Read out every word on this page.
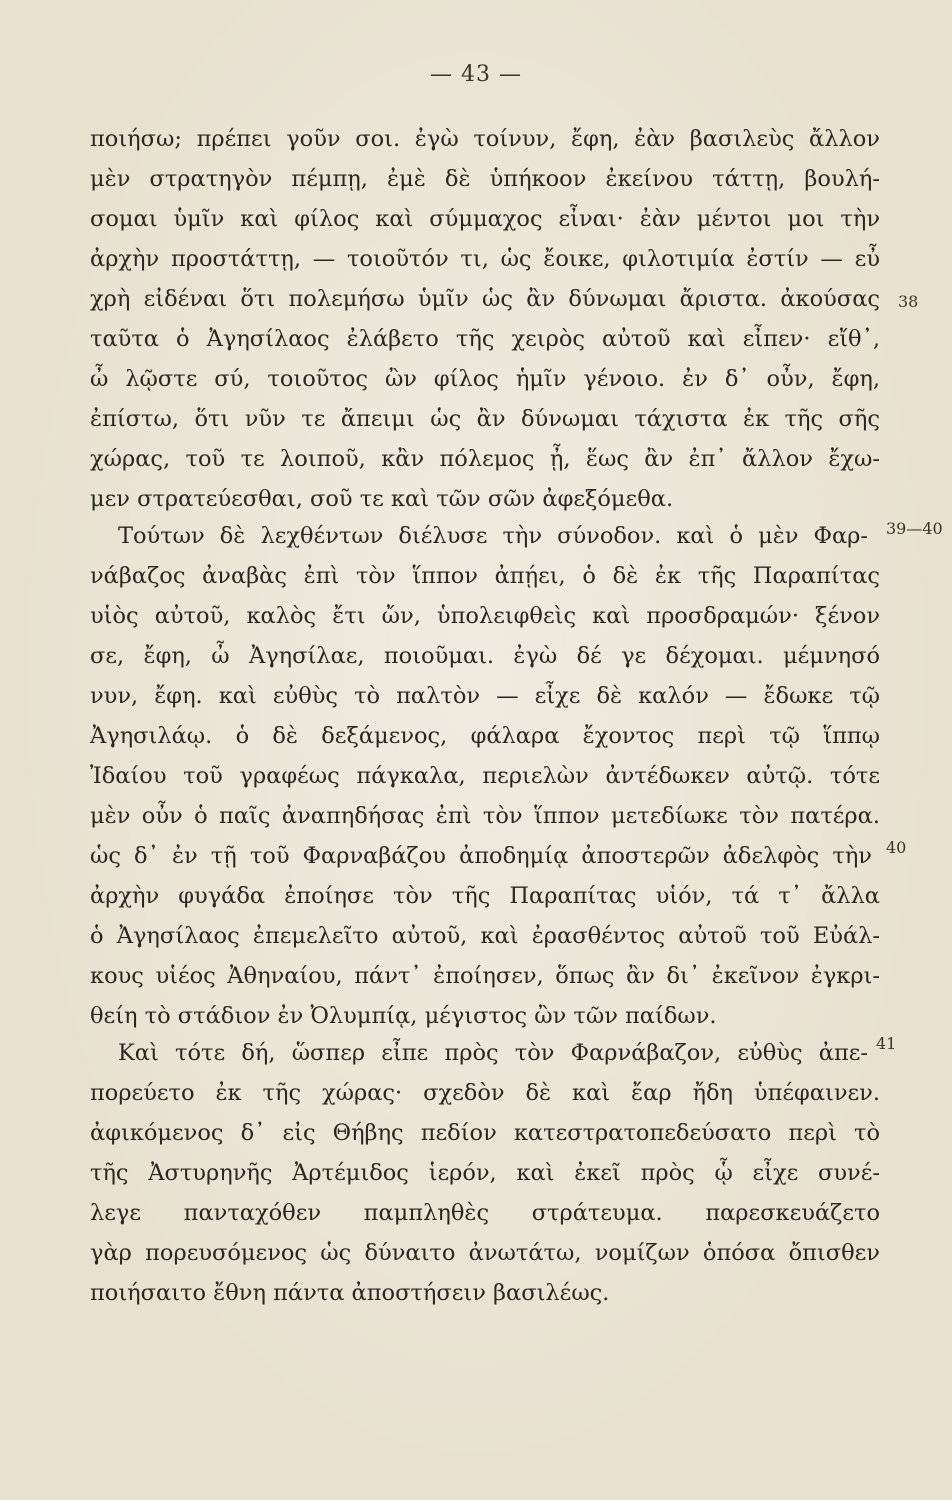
— 43 —
ποιήσω; πρέπει γοῦν σοι. ἐγὼ τοίνυν, ἔφη, ἐὰν βασιλεὺς ἄλλον
μὲν στρατηγὸν πέμπῃ, ἐμὲ δὲ ὑπήκοον ἐκείνου τάττῃ, βουλή-
σομαι ὑμῖν καὶ φίλος καὶ σύμμαχος εἶναι· ἐὰν μέντοι μοι τὴν
ἀρχὴν προστάττῃ, — τοιοῦτόν τι, ὡς ἔοικε, φιλοτιμία ἐστίν — εὖ
χρὴ εἰδέναι ὅτι πολεμήσω ὑμῖν ὡς ἂν δύνωμαι ἄριστα. ἀκούσας 38
ταῦτα ὁ Ἀγησίλαος ἐλάβετο τῆς χειρὸς αὐτοῦ καὶ εἶπεν· εἴθ᾿,
ὦ λῷστε σύ, τοιοῦτος ὢν φίλος ἡμῖν γένοιο. ἐν δ᾿ οὖν, ἔφη,
ἐπίστω, ὅτι νῦν τε ἄπειμι ὡς ἂν δύνωμαι τάχιστα ἐκ τῆς σῆς
χώρας, τοῦ τε λοιποῦ, κἂν πόλεμος ᾖ, ἕως ἂν ἐπ᾿ ἄλλον ἔχω-
μεν στρατεύεσθαι, σοῦ τε καὶ τῶν σῶν ἀφεξόμεθα.
Τούτων δὲ λεχθέντων διέλυσε τὴν σύνοδον. καὶ ὁ μὲν Φαρ- 39—40
νάβαζος ἀναβὰς ἐπὶ τὸν ἵππον ἀπῄει, ὁ δὲ ἐκ τῆς Παραπίτας
υἱὸς αὐτοῦ, καλὸς ἔτι ὤν, ὑπολειφθεὶς καὶ προσδραμών· ξένον
σε, ἔφη, ὦ Ἀγησίλαε, ποιοῦμαι. ἐγὼ δέ γε δέχομαι. μέμνησό
νυν, ἔφη. καὶ εὐθὺς τὸ παλτὸν — εἶχε δὲ καλόν — ἔδωκε τῷ
Ἀγησιλάῳ. ὁ δὲ δεξάμενος, φάλαρα ἔχοντος περὶ τῷ ἵππῳ
Ἰδαίου τοῦ γραφέως πάγκαλα, περιελὼν ἀντέδωκεν αὐτῷ. τότε
μὲν οὖν ὁ παῖς ἀναπηδήσας ἐπὶ τὸν ἵππον μετεδίωκε τὸν πατέρα.
ὡς δ᾿ ἐν τῇ τοῦ Φαρναβάζου ἀποδημίᾳ ἀποστερῶν ἀδελφὸς τὴν 40
ἀρχὴν φυγάδα ἐποίησε τὸν τῆς Παραπίτας υἱόν, τά τ᾿ ἄλλα
ὁ Ἀγησίλαος ἐπεμελεῖτο αὐτοῦ, καὶ ἐρασθέντος αὐτοῦ τοῦ Εὐάλ-
κους υἱέος Ἀθηναίου, πάντ᾿ ἐποίησεν, ὅπως ἂν δι᾿ ἐκεῖνον ἐγκρι-
θείη τὸ στάδιον ἐν Ὀλυμπίᾳ, μέγιστος ὢν τῶν παίδων.
Καὶ τότε δή, ὥσπερ εἶπε πρὸς τὸν Φαρνάβαζον, εὐθὺς ἀπε- 41
πορεύετο ἐκ τῆς χώρας· σχεδὸν δὲ καὶ ἔαρ ἤδη ὑπέφαινεν.
ἀφικόμενος δ᾿ εἰς Θήβης πεδίον κατεστρατοπεδεύσατο περὶ τὸ
τῆς Ἀστυρηνῆς Ἀρτέμιδος ἱερόν, καὶ ἐκεῖ πρὸς ᾧ εἶχε συνέ-
λεγε πανταχόθεν παμπληθὲς στράτευμα. παρεσκευάζετο
γὰρ πορευσόμενος ὡς δύναιτο ἀνωτάτω, νομίζων ὁπόσα ὄπισθεν
ποιήσαιτο ἔθνη πάντα ἀποστήσειν βασιλέως.
